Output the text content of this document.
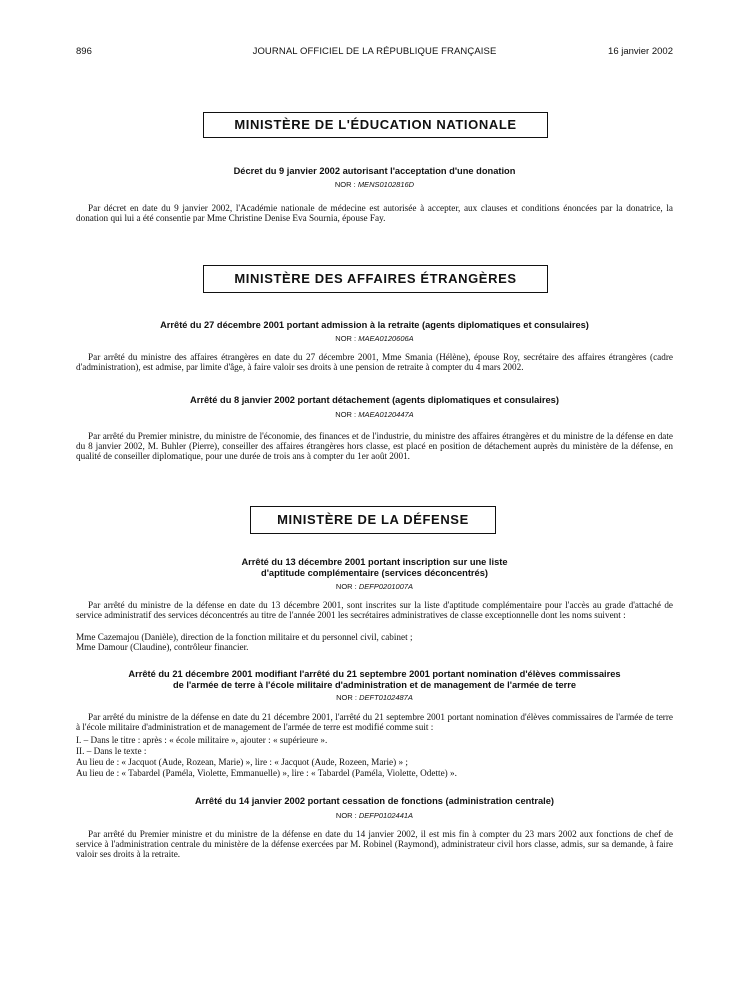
896	JOURNAL OFFICIEL DE LA RÉPUBLIQUE FRANÇAISE	16 janvier 2002
MINISTÈRE DE L'ÉDUCATION NATIONALE
Décret du 9 janvier 2002 autorisant l'acceptation d'une donation
NOR : MENS0102816D
Par décret en date du 9 janvier 2002, l'Académie nationale de médecine est autorisée à accepter, aux clauses et conditions énoncées par la donatrice, la donation qui lui a été consentie par Mme Christine Denise Eva Sournia, épouse Fay.
MINISTÈRE DES AFFAIRES ÉTRANGÈRES
Arrêté du 27 décembre 2001 portant admission à la retraite (agents diplomatiques et consulaires)
NOR : MAEA0120606A
Par arrêté du ministre des affaires étrangères en date du 27 décembre 2001, Mme Smania (Hélène), épouse Roy, secrétaire des affaires étrangères (cadre d'administration), est admise, par limite d'âge, à faire valoir ses droits à une pension de retraite à compter du 4 mars 2002.
Arrêté du 8 janvier 2002 portant détachement (agents diplomatiques et consulaires)
NOR : MAEA0120447A
Par arrêté du Premier ministre, du ministre de l'économie, des finances et de l'industrie, du ministre des affaires étrangères et du ministre de la défense en date du 8 janvier 2002, M. Buhler (Pierre), conseiller des affaires étrangères hors classe, est placé en position de détachement auprès du ministère de la défense, en qualité de conseiller diplomatique, pour une durée de trois ans à compter du 1er août 2001.
MINISTÈRE DE LA DÉFENSE
Arrêté du 13 décembre 2001 portant inscription sur une liste
d'aptitude complémentaire (services déconcentrés)
NOR : DEFP0201007A
Par arrêté du ministre de la défense en date du 13 décembre 2001, sont inscrites sur la liste d'aptitude complémentaire pour l'accès au grade d'attaché de service administratif des services déconcentrés au titre de l'année 2001 les secrétaires administratives de classe exceptionnelle dont les noms suivent :
Mme Cazemajou (Danièle), direction de la fonction militaire et du personnel civil, cabinet ;
Mme Damour (Claudine), contrôleur financier.
Arrêté du 21 décembre 2001 modifiant l'arrêté du 21 septembre 2001 portant nomination d'élèves commissaires
de l'armée de terre à l'école militaire d'administration et de management de l'armée de terre
NOR : DEFT0102487A
Par arrêté du ministre de la défense en date du 21 décembre 2001, l'arrêté du 21 septembre 2001 portant nomination d'élèves commissaires de l'armée de terre à l'école militaire d'administration et de management de l'armée de terre est modifié comme suit :
I. – Dans le titre : après : « école militaire », ajouter : « supérieure ».
II. – Dans le texte :
Au lieu de : « Jacquot (Aude, Rozean, Marie) », lire : « Jacquot (Aude, Rozeen, Marie) » ;
Au lieu de : « Tabardel (Paméla, Violette, Emmanuelle) », lire : « Tabardel (Paméla, Violette, Odette) ».
Arrêté du 14 janvier 2002 portant cessation de fonctions (administration centrale)
NOR : DEFP0102441A
Par arrêté du Premier ministre et du ministre de la défense en date du 14 janvier 2002, il est mis fin à compter du 23 mars 2002 aux fonctions de chef de service à l'administration centrale du ministère de la défense exercées par M. Robinel (Raymond), administrateur civil hors classe, admis, sur sa demande, à faire valoir ses droits à la retraite.
